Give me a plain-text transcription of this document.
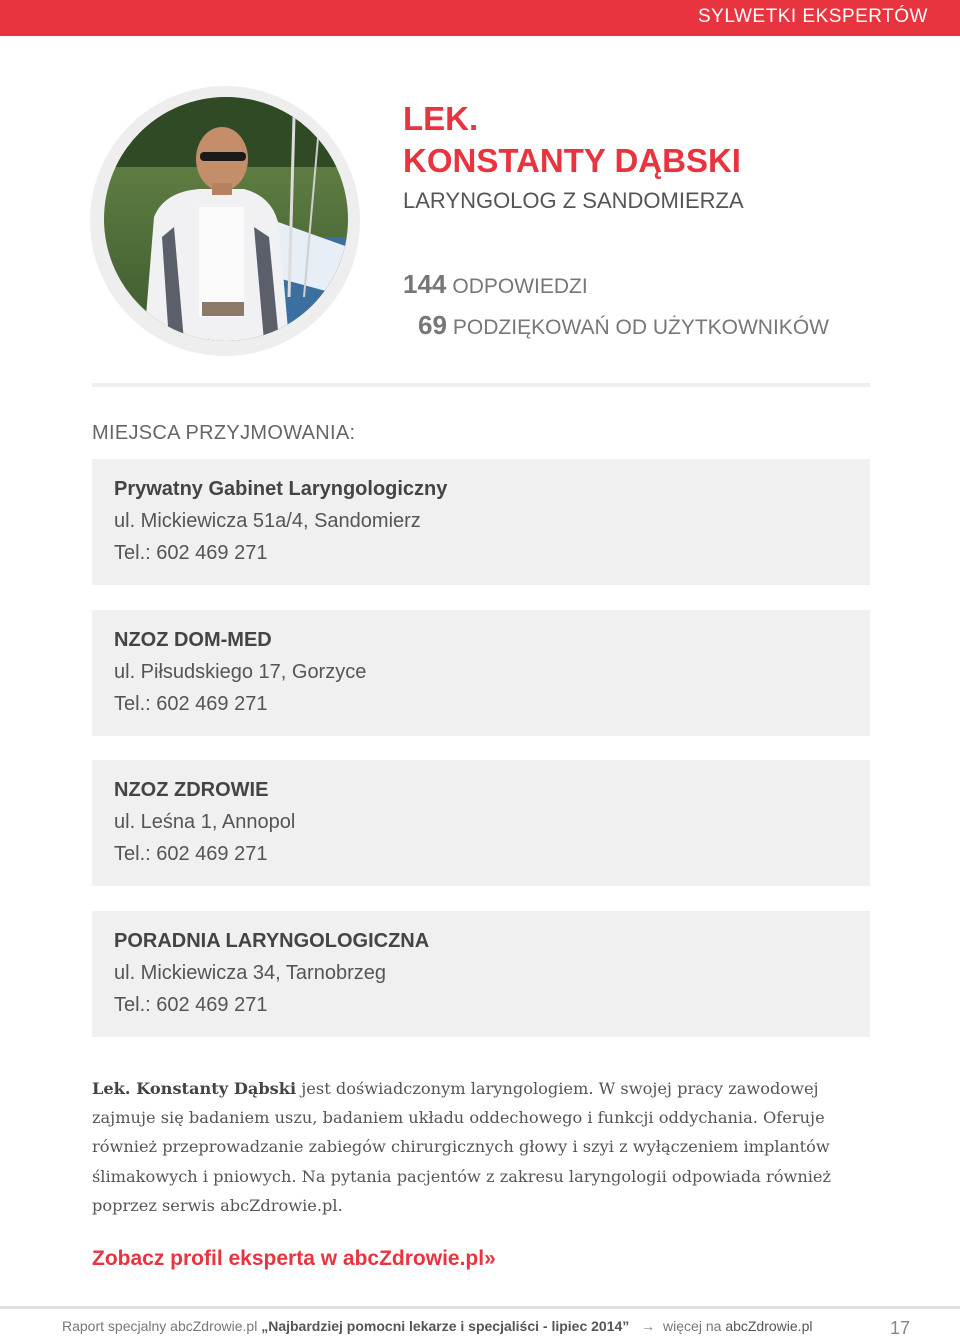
SYLWETKI EKSPERTÓW
LEK.
KONSTANTY DĄBSKI
LARYNGOLOG Z SANDOMIERZA
144 ODPOWIEDZI
69 PODZIĘKOWAŃ OD UŻYTKOWNIKÓW
MIEJSCA PRZYJMOWANIA:
Prywatny Gabinet Laryngologiczny
ul. Mickiewicza 51a/4, Sandomierz
Tel.: 602 469 271
NZOZ DOM-MED
ul. Piłsudskiego 17, Gorzyce
Tel.: 602 469 271
NZOZ ZDROWIE
ul. Leśna 1, Annopol
Tel.: 602 469 271
PORADNIA LARYNGOLOGICZNA
ul. Mickiewicza 34, Tarnobrzeg
Tel.: 602 469 271
Lek. Konstanty Dąbski jest doświadczonym laryngologiem. W swojej pracy zawodowej zajmuje się badaniem uszu, badaniem układu oddechowego i funkcji oddychania. Oferuje również przeprowadzanie zabiegów chirurgicznych głowy i szyi z wyłączeniem implantów ślimakowych i pniowych. Na pytania pacjentów z zakresu laryngologii odpowiada również poprzez serwis abcZdrowie.pl.
Zobacz profil eksperta w abcZdrowie.pl»
Raport specjalny abcZdrowie.pl „Najbardziej pomocni lekarze i specjaliści - lipiec 2014” → więcej na abcZdrowie.pl	17
